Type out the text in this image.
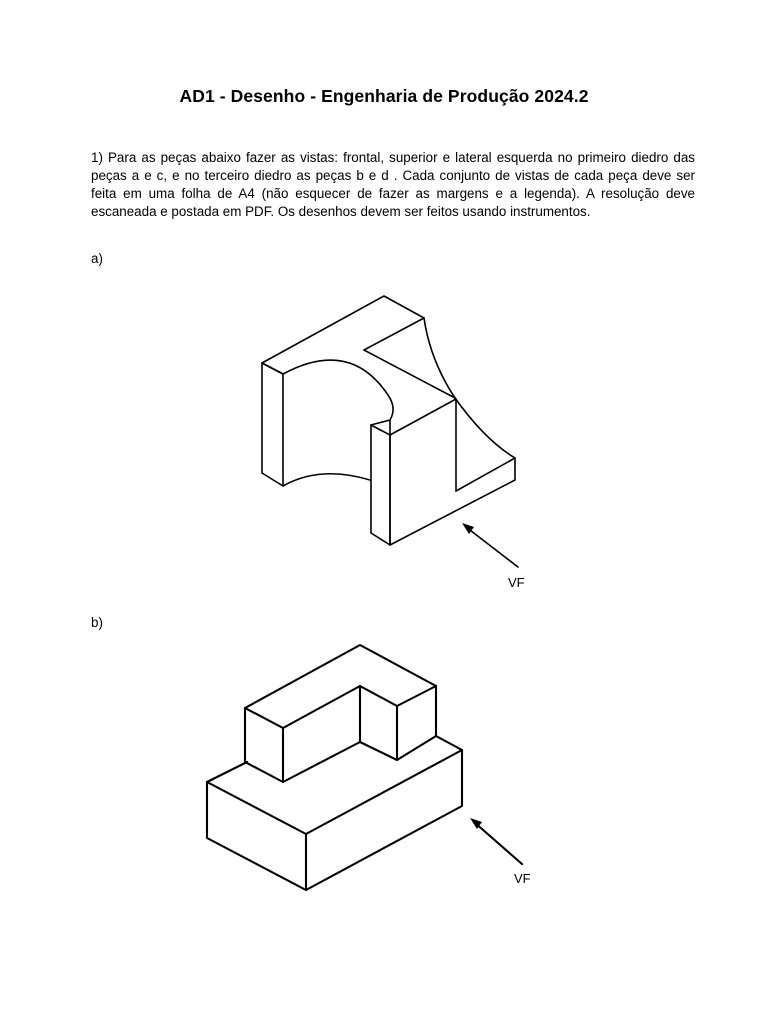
AD1 - Desenho - Engenharia de Produção 2024.2

1) Para as peças abaixo fazer as vistas: frontal, superior e lateral esquerda no primeiro diedro das peças a e c, e no terceiro diedro as peças b e d . Cada conjunto de vistas de cada peça deve ser feita em uma folha de A4 (não esquecer de fazer as margens e a legenda). A resolução deve escaneada e postada em PDF. Os desenhos devem ser feitos usando instrumentos.

a)
VF
b)
VF
